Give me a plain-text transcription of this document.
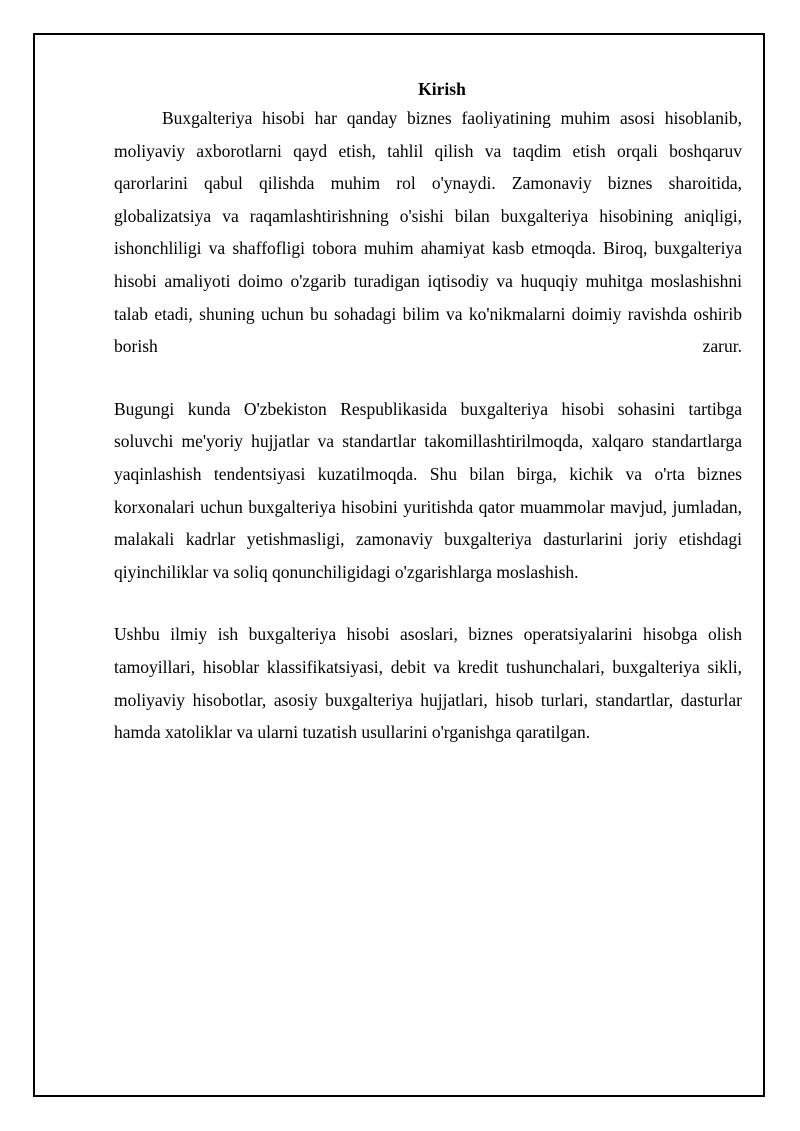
Kirish

Buxgalteriya hisobi har qanday biznes faoliyatining muhim asosi hisoblanib, moliyaviy axborotlarni qayd etish, tahlil qilish va taqdim etish orqali boshqaruv qarorlarini qabul qilishda muhim rol o'ynaydi. Zamonaviy biznes sharoitida, globalizatsiya va raqamlashtirishning o'sishi bilan buxgalteriya hisobining aniqligi, ishonchliligi va shaffofligi tobora muhim ahamiyat kasb etmoqda. Biroq, buxgalteriya hisobi amaliyoti doimo o'zgarib turadigan iqtisodiy va huquqiy muhitga moslashishni talab etadi, shuning uchun bu sohadagi bilim va ko'nikmalarni doimiy ravishda oshirib borish zarur.

Bugungi kunda O'zbekiston Respublikasida buxgalteriya hisobi sohasini tartibga soluvchi me'yoriy hujjatlar va standartlar takomillashtirilmoqda, xalqaro standartlarga yaqinlashish tendentsiyasi kuzatilmoqda. Shu bilan birga, kichik va o'rta biznes korxonalari uchun buxgalteriya hisobini yuritishda qator muammolar mavjud, jumladan, malakali kadrlar yetishmasligi, zamonaviy buxgalteriya dasturlarini joriy etishdagi qiyinchiliklar va soliq qonunchiligidagi o'zgarishlarga moslashish.

Ushbu ilmiy ish buxgalteriya hisobi asoslari, biznes operatsiyalarini hisobga olish tamoyillari, hisoblar klassifikatsiyasi, debit va kredit tushunchalari, buxgalteriya sikli, moliyaviy hisobotlar, asosiy buxgalteriya hujjatlari, hisob turlari, standartlar, dasturlar hamda xatoliklar va ularni tuzatish usullarini o'rganishga qaratilgan.
